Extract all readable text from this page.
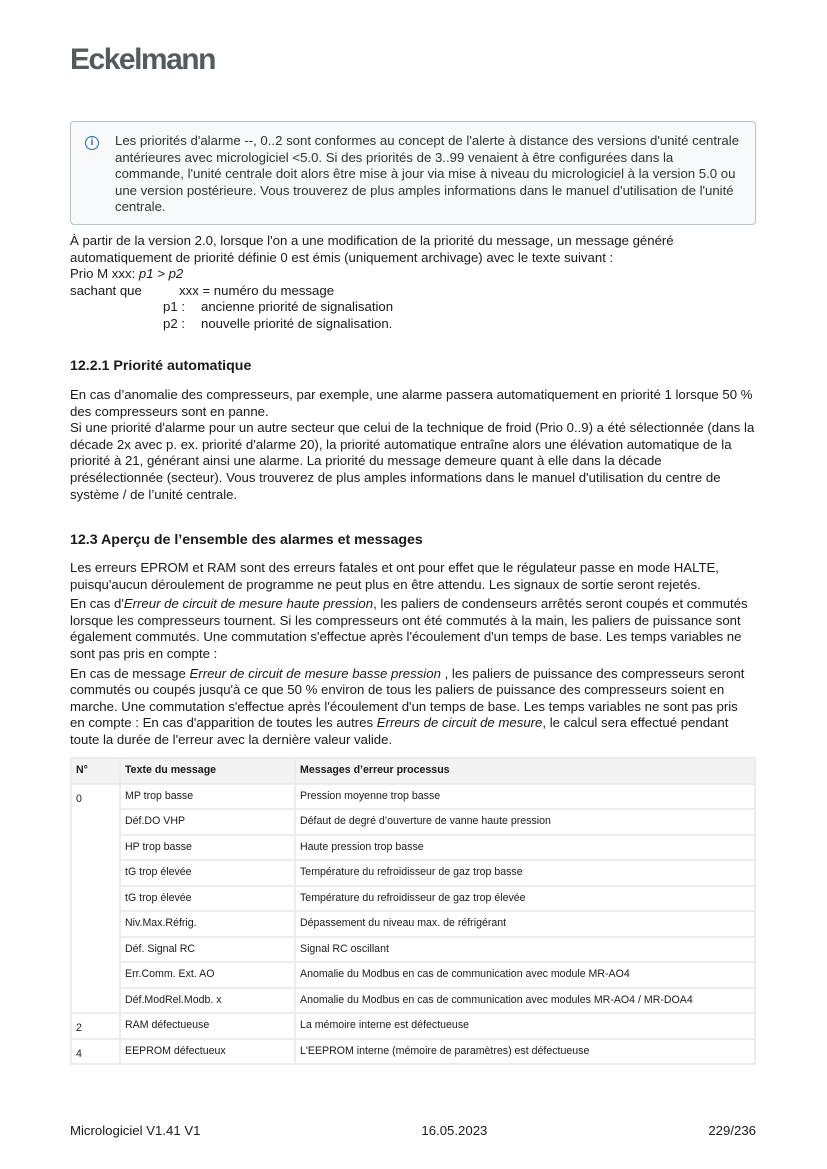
Eckelmann
i	Les priorités d'alarme --, 0..2 sont conformes au concept de l'alerte à distance des versions d'unité centrale antérieures avec micrologiciel <5.0. Si des priorités de 3..99 venaient à être configurées dans la commande, l'unité centrale doit alors être mise à jour via mise à niveau du micrologiciel à la version 5.0 ou une version postérieure. Vous trouverez de plus amples informations dans le manuel d'utilisation de l'unité centrale.
À partir de la version 2.0, lorsque l'on a une modification de la priorité du message, un message généré automatiquement de priorité définie 0 est émis (uniquement archivage) avec le texte suivant :
Prio M xxx: p1 > p2
sachant que	xxx = numéro du message
p1 :	ancienne priorité de signalisation
p2 :	nouvelle priorité de signalisation.
12.2.1 Priorité automatique
En cas d’anomalie des compresseurs, par exemple, une alarme passera automatiquement en priorité 1 lorsque 50 % des compresseurs sont en panne.
Si une priorité d'alarme pour un autre secteur que celui de la technique de froid (Prio 0..9) a été sélectionnée (dans la décade 2x avec p. ex. priorité d'alarme 20), la priorité automatique entraîne alors une élévation automatique de la priorité à 21, générant ainsi une alarme. La priorité du message demeure quant à elle dans la décade présélectionnée (secteur). Vous trouverez de plus amples informations dans le manuel d'utilisation du centre de système / de l’unité centrale.
12.3 Aperçu de l’ensemble des alarmes et messages

Les erreurs EPROM et RAM sont des erreurs fatales et ont pour effet que le régulateur passe en mode HALTE, puisqu'aucun déroulement de programme ne peut plus en être attendu. Les signaux de sortie seront rejetés.

En cas d'Erreur de circuit de mesure haute pression, les paliers de condenseurs arrêtés seront coupés et commutés lorsque les compresseurs tournent. Si les compresseurs ont été commutés à la main, les paliers de puissance sont également commutés. Une commutation s'effectue après l'écoulement d'un temps de base. Les temps variables ne sont pas pris en compte :

En cas de message Erreur de circuit de mesure basse pression , les paliers de puissance des compresseurs seront commutés ou coupés jusqu'à ce que 50 % environ de tous les paliers de puissance des compresseurs soient en marche. Une commutation s'effectue après l'écoulement d'un temps de base. Les temps variables ne sont pas pris en compte : En cas d'apparition de toutes les autres Erreurs de circuit de mesure, le calcul sera effectué pendant toute la durée de l'erreur avec la dernière valeur valide.

N°	Texte du message	Messages d’erreur processus
0	MP trop basse	Pression moyenne trop basse
	Déf.DO VHP	Défaut de degré d’ouverture de vanne haute pression
	HP trop basse	Haute pression trop basse
	tG trop élevée	Température du refroidisseur de gaz trop basse
	tG trop élevée	Température du refroidisseur de gaz trop élevée
	Niv.Max.Réfrig.	Dépassement du niveau max. de réfrigérant
	Déf. Signal RC	Signal RC oscillant
	Err.Comm. Ext. AO	Anomalie du Modbus en cas de communication avec module MR-AO4
	Déf.ModRel.Modb. x	Anomalie du Modbus en cas de communication avec modules MR-AO4 / MR-DOA4
2	RAM défectueuse	La mémoire interne est défectueuse
4	EEPROM défectueux	L'EEPROM interne (mémoire de paramètres) est défectueuse
Micrologiciel V1.41 V1	16.05.2023	229/236
